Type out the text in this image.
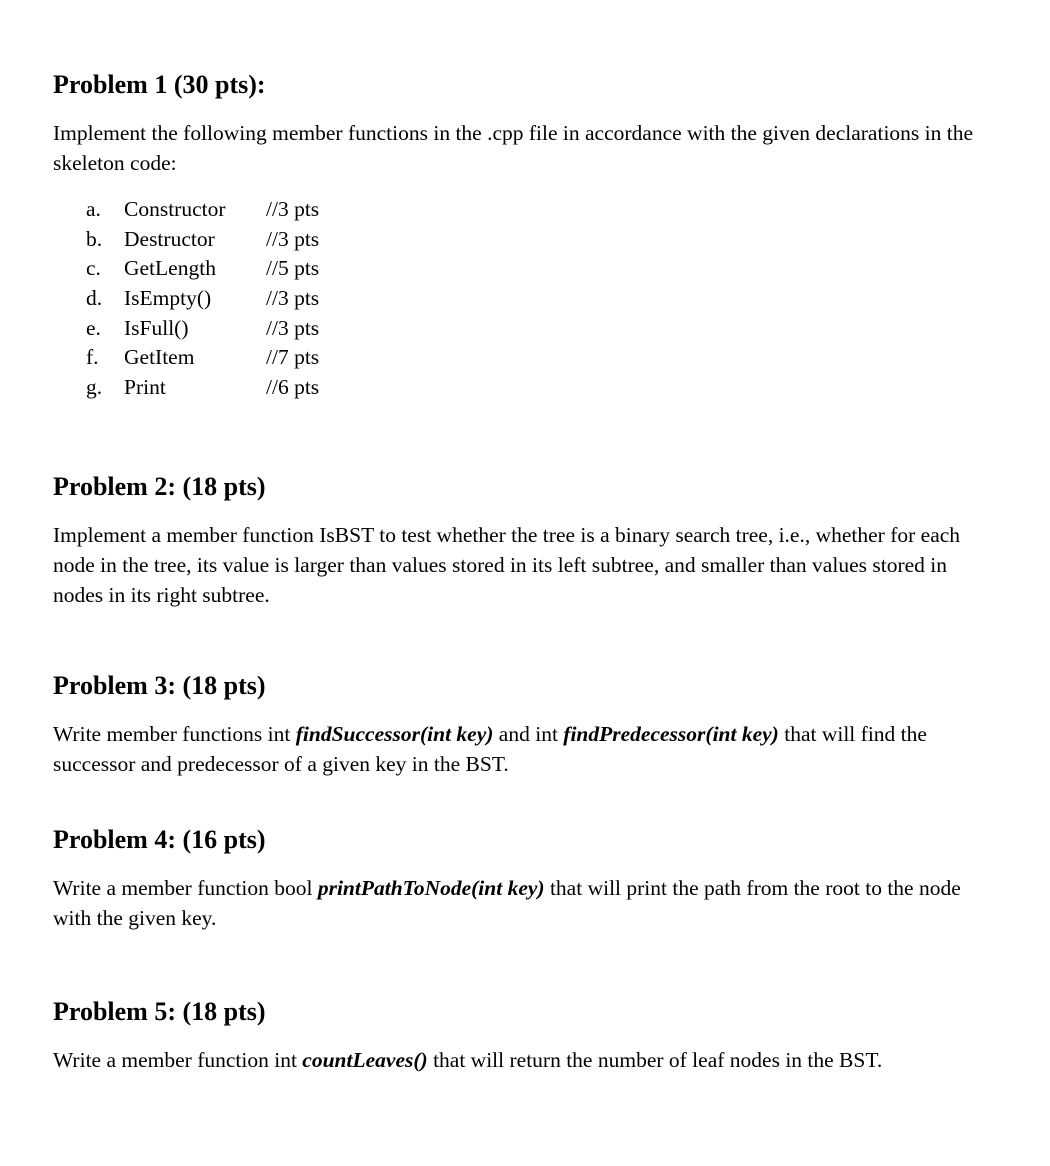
Problem 1 (30 pts):

Implement the following member functions in the .cpp file in accordance with the given declarations in the skeleton code:

a. Constructor //3 pts
b. Destructor //3 pts
c. GetLength //5 pts
d. IsEmpty()	//3 pts
e. IsFull()	//3 pts
f. GetItem	//7 pts
g. Print	//6 pts
Problem 2: (18 pts)

Implement a member function IsBST to test whether the tree is a binary search tree, i.e., whether for each node in the tree, its value is larger than values stored in its left subtree, and smaller than values stored in nodes in its right subtree.

Problem 3: (18 pts)

Write member functions int findSuccessor(int key) and int findPredecessor(int key) that will find the successor and predecessor of a given key in the BST.

Problem 4: (16 pts)

Write a member function bool printPathToNode(int key) that will print the path from the root to the node with the given key.

Problem 5: (18 pts)

Write a member function int countLeaves() that will return the number of leaf nodes in the BST.
